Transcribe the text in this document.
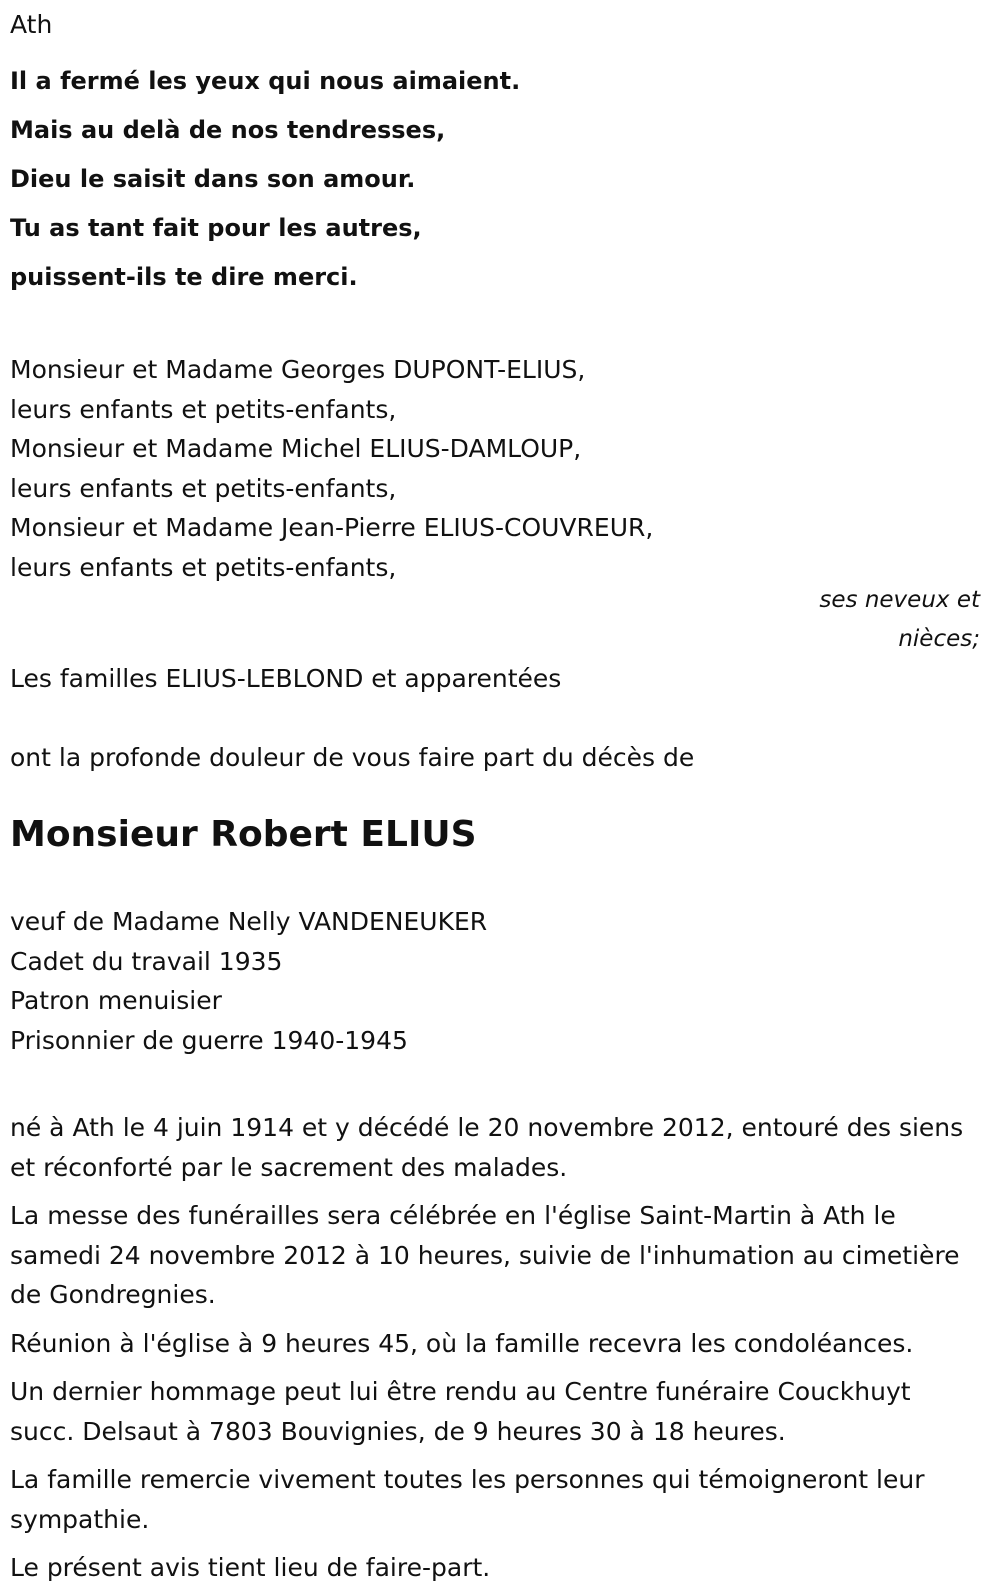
Ath

Il a fermé les yeux qui nous aimaient.
Mais au delà de nos tendresses,
Dieu le saisit dans son amour.
Tu as tant fait pour les autres,
puissent-ils te dire merci.
Monsieur et Madame Georges DUPONT-ELIUS,
leurs enfants et petits-enfants,
Monsieur et Madame Michel ELIUS-DAMLOUP,
leurs enfants et petits-enfants,
Monsieur et Madame Jean-Pierre ELIUS-COUVREUR,
leurs enfants et petits-enfants,
ses neveux et
nièces;
Les familles ELIUS-LEBLOND et apparentées
ont la profonde douleur de vous faire part du décès de
Monsieur Robert ELIUS
veuf de Madame Nelly VANDENEUKER
Cadet du travail 1935
Patron menuisier
Prisonnier de guerre 1940-1945

né à Ath le 4 juin 1914 et y décédé le 20 novembre 2012, entouré des siens et réconforté par le sacrement des malades.

La messe des funérailles sera célébrée en l'église Saint-Martin à Ath le samedi 24 novembre 2012 à 10 heures, suivie de l'inhumation au cimetière de Gondregnies.

Réunion à l'église à 9 heures 45, où la famille recevra les condoléances.

Un dernier hommage peut lui être rendu au Centre funéraire Couckhuyt succ. Delsaut à 7803 Bouvignies, de 9 heures 30 à 18 heures.

La famille remercie vivement toutes les personnes qui témoigneront leur sympathie.

Le présent avis tient lieu de faire-part.
